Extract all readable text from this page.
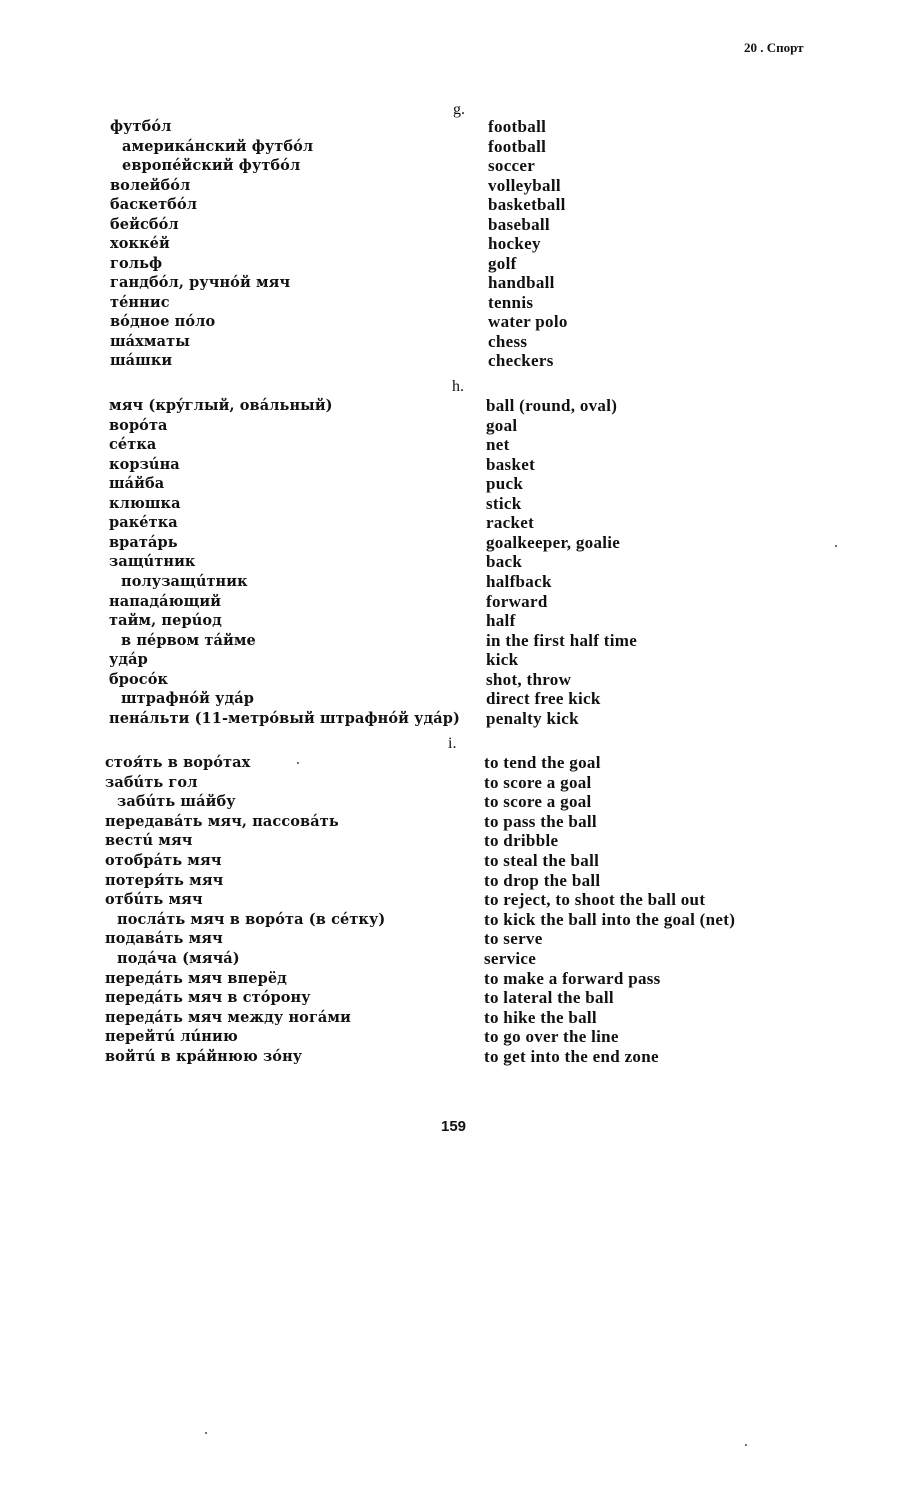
20 . Спорт
g.
футбóл	football
америкáнский футбóл	football
европéйский футбóл	soccer
волейбóл	volleyball
баскетбóл	basketball
бейсбóл	baseball
хоккéй	hockey
гольф	golf
гандбóл, ручнóй мяч	handball
тéннис	tennis
вóдное пóло	water polo
шáхматы	chess
шáшки	checkers
h.
мяч (крýглый, овáльный)	ball (round, oval)
ворóта	goal
сéтка	net
корзúна	basket
шáйба	puck
клюшка	stick
ракéтка	racket
вратáрь	goalkeeper, goalie
защúтник	back
полузащúтник	halfback
нападáющий	forward
тайм, перúод	half
в пéрвом тáйме	in the first half time
удáр	kick
бросóк	shot, throw
штрафнóй удáр	direct free kick
пенáльти (11-метрóвый штрафнóй удáр) penalty kick
i.
стоя́ть в ворóтах	to tend the goal
забúть гол	to score a goal
забúть шáйбу	to score a goal
передавáть мяч, пассовáть	to pass the ball
вестú мяч	to dribble
отобрáть мяч	to steal the ball
потеря́ть мяч	to drop the ball
отбúть мяч	to reject, to shoot the ball out
послáть мяч в ворóта (в сéтку)	to kick the ball into the goal (net)
подавáть мяч	to serve
подáча (мячá)	service
передáть мяч вперёд	to make a forward pass
передáть мяч в стóрону	to lateral the ball
передáть мяч между ногáми	to hike the ball
перейтú лúнию	to go over the line
войтú в крáйнюю зóну	to get into the end zone
159
